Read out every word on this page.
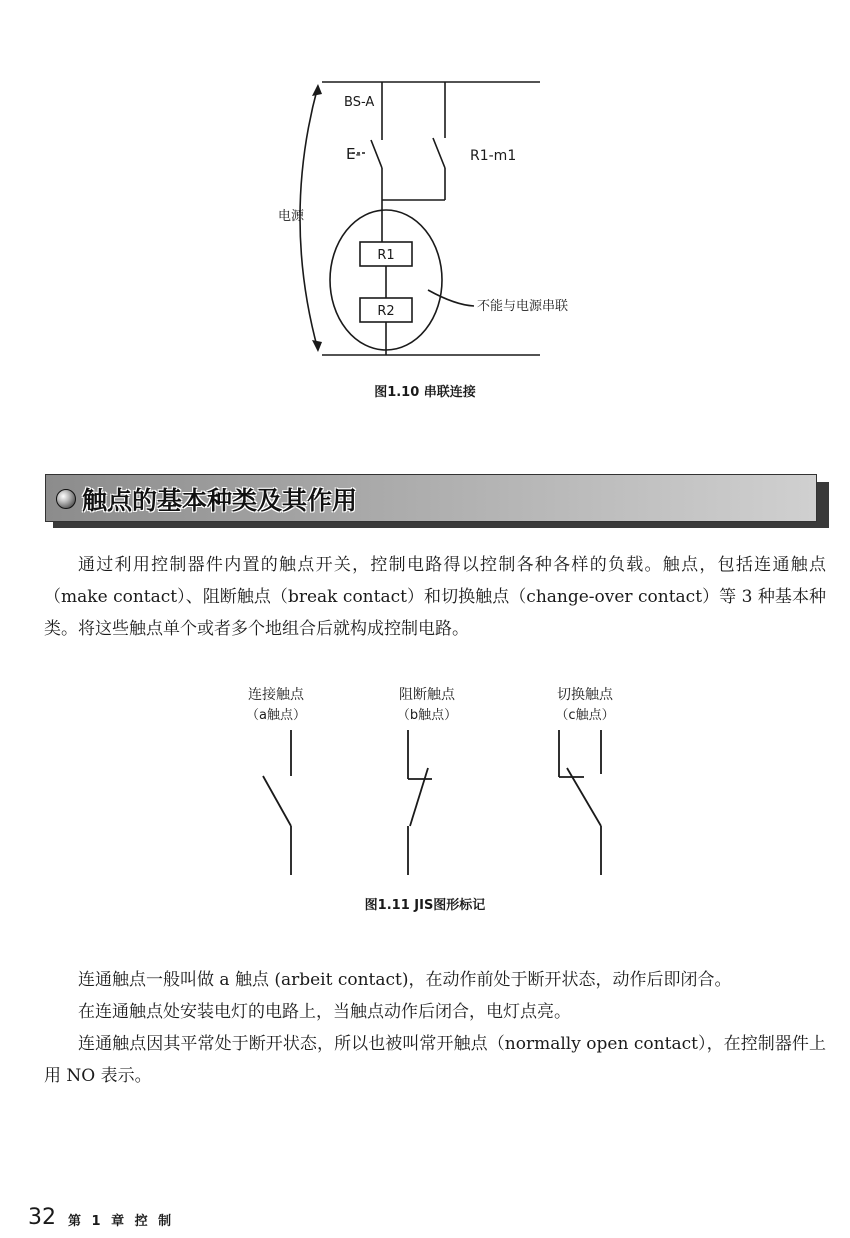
BS-A
E-	R1-m1
电源
R1
R2	不能与电源串联
图1.10 串联连接
触点的基本种类及其作用

通过利用控制器件内置的触点开关，控制电路得以控制各种各样的负载。触点，包括连通触点（make contact）、阻断触点（break contact）和切换触点（change-over contact）等 3 种基本种类。将这些触点单个或者多个地组合后就构成控制电路。

连接触点
（a触点）
阻断触点
（b触点）
切换触点
（c触点）
图1.11 JIS图形标记

连通触点一般叫做 a 触点 (arbeit contact)，在动作前处于断开状态，动作后即闭合。

在连通触点处安装电灯的电路上，当触点动作后闭合，电灯点亮。

连通触点因其平常处于断开状态，所以也被叫常开触点（normally open contact），在控制器件上用 NO 表示。

32 第 1 章 控 制
